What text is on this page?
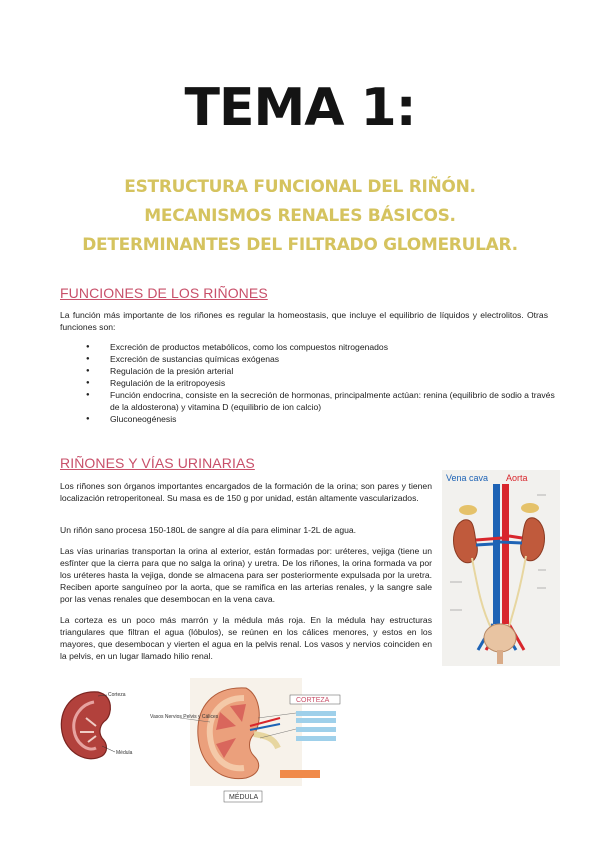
TEMA 1:

ESTRUCTURA FUNCIONAL DEL RIÑÓN.

MECANISMOS RENALES BÁSICOS.

DETERMINANTES DEL FILTRADO GLOMERULAR.

FUNCIONES DE LOS RIÑONES

La función más importante de los riñones es regular la homeostasis, que incluye el equilibrio de líquidos y electrolitos. Otras funciones son:

● Excreción de productos metabólicos, como los compuestos nitrogenados
● Excreción de sustancias químicas exógenas
● Regulación de la presión arterial
● Regulación de la eritropoyesis
● Función endocrina, consiste en la secreción de hormonas, principalmente actúan: renina (equilibrio de sodio a través de la aldosterona) y vitamina D (equilibrio de ion calcio)
● Gluconeogénesis
RIÑONES Y VÍAS URINARIAS

Los riñones son órganos importantes encargados de la formación de la orina; son pares y tienen localización retroperitoneal. Su masa es de 150 g por unidad, están altamente vascularizados.

Un riñón sano procesa 150-180L de sangre al día para eliminar 1-2L de agua.

Las vías urinarias transportan la orina al exterior, están formadas por: uréteres, vejiga (tiene un esfínter que la cierra para que no salga la orina) y uretra. De los riñones, la orina formada va por los uréteres hasta la vejiga, donde se almacena para ser posteriormente expulsada por la uretra. Reciben aporte sanguíneo por la aorta, que se ramifica en las arterias renales, y la sangre sale por las venas renales que desembocan en la vena cava.

La corteza es un poco más marrón y la médula más roja. En la médula hay estructuras triangulares que filtran el agua (lóbulos), se reúnen en los cálices menores, y estos en los mayores, que desembocan y vierten el agua en la pelvis renal. Los vasos y nervios coinciden en la pelvis, en un lugar llamado hilio renal.

Vena cava Aorta
Corteza
Médula
CORTEZA
Vasos Nervios Pelvis y Cálices
MÉDULA
